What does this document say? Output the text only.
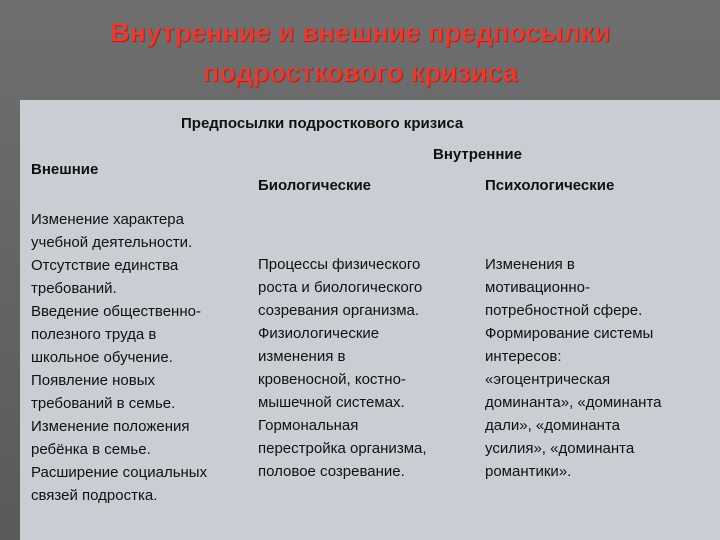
Внутренние и внешние предпосылки
подросткового кризиса
Предпосылки подросткового кризиса
Внутренние
Внешние
Биологические	Психологические
Изменение характера
учебной деятельности.
Отсутствие единства
требований.
Введение общественно-
полезного труда в
школьное обучение.
Появление новых
требований в семье.
Изменение положения
ребёнка в семье.
Расширение социальных
связей подростка.
Процессы физического
роста и биологического
созревания организма.
Физиологические
изменения в
кровеносной, костно-
мышечной системах.
Гормональная
перестройка организма,
половое созревание.
Изменения в
мотивационно-
потребностной сфере.
Формирование системы
интересов:
«эгоцентрическая
доминанта», «доминанта
дали», «доминанта
усилия», «доминанта
романтики».
